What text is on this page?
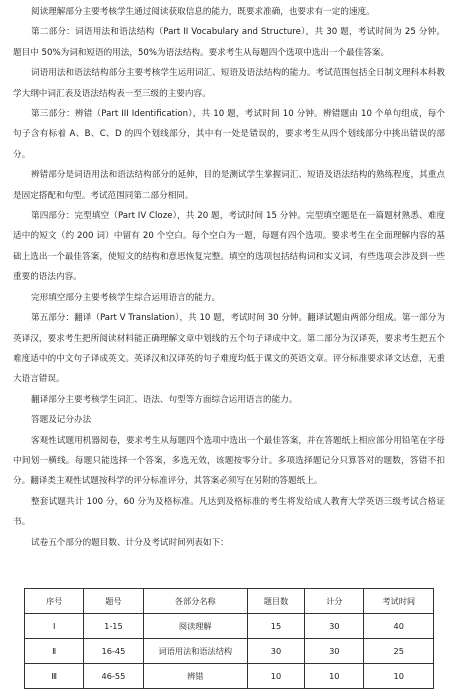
阅读理解部分主要考核学生通过阅读获取信息的能力，既要求准确，也要求有一定的速度。

第二部分：词语用法和语法结构（Part II Vocabulary and Structure），共 30 题，考试时间为 25 分钟。题目中 50%为词和短语的用法，50%为语法结构。要求考生从每题四个选项中选出一个最佳答案。

词语用法和语法结构部分主要考核学生运用词汇、短语及语法结构的能力。考试范围包括全日制文理科本科教学大纲中词汇表及语法结构表一至三级的主要内容。

第三部分：辨错（Part III Identification），共 10 题，考试时间 10 分钟。辨错题由 10 个单句组成，每个句子含有标着 A、B、C、D 的四个划线部分，其中有一处是错误的，要求考生从四个划线部分中挑出错误的部分。

辨错部分是词语用法和语法结构部分的延伸，目的是测试学生掌握词汇、短语及语法结构的熟练程度，其重点是固定搭配和句型。考试范围同第二部分相同。

第四部分：完型填空（Part IV Cloze），共 20 题，考试时间 15 分钟。完型填空题是在一篇题材熟悉、难度适中的短文（约 200 词）中留有 20 个空白。每个空白为一题，每题有四个选项。要求考生在全面理解内容的基础上选出一个最佳答案，使短文的结构和意思恢复完整。填空的选项包括结构词和实义词，有些选项会涉及到一些重要的语法内容。

完形填空部分主要考核学生综合运用语言的能力。

第五部分：翻译（Part V Translation），共 10 题，考试时间 30 分钟。翻译试题由两部分组成。第一部分为英译汉，要求考生把所阅读材料能正确理解文章中划线的五个句子译成中文。第二部分为汉译英，要求考生把五个难度适中的中文句子译成英文。英译汉和汉译英的句子难度均低于课文的英语文章。评分标准要求译文达意，无重大语言错误。

翻译部分主要考核学生词汇、语法、句型等方面综合运用语言的能力。

答题及记分办法

客观性试题用机器阅卷，要求考生从每题四个选项中选出一个最佳答案，并在答题纸上相应部分用铅笔在字母中间划一横线。每题只能选择一个答案，多选无效，该题按零分计。多项选择题记分只算答对的题数，答错不扣分。翻译类主观性试题按科学的评分标准评分，其答案必须写在另附的答题纸上。

整套试题共计 100 分，60 分为及格标准。凡达到及格标准的考生将发给成人教育大学英语三级考试合格证书。

试卷五个部分的题目数、计分及考试时间列表如下：

序号	题号	各部分名称	题目数	计分	考试时间
Ⅰ	1-15	阅读理解	15	30	40
Ⅱ	16-45	词语用法和语法结构	30	30	25
Ⅲ	46-55	辨错	10	10	10
